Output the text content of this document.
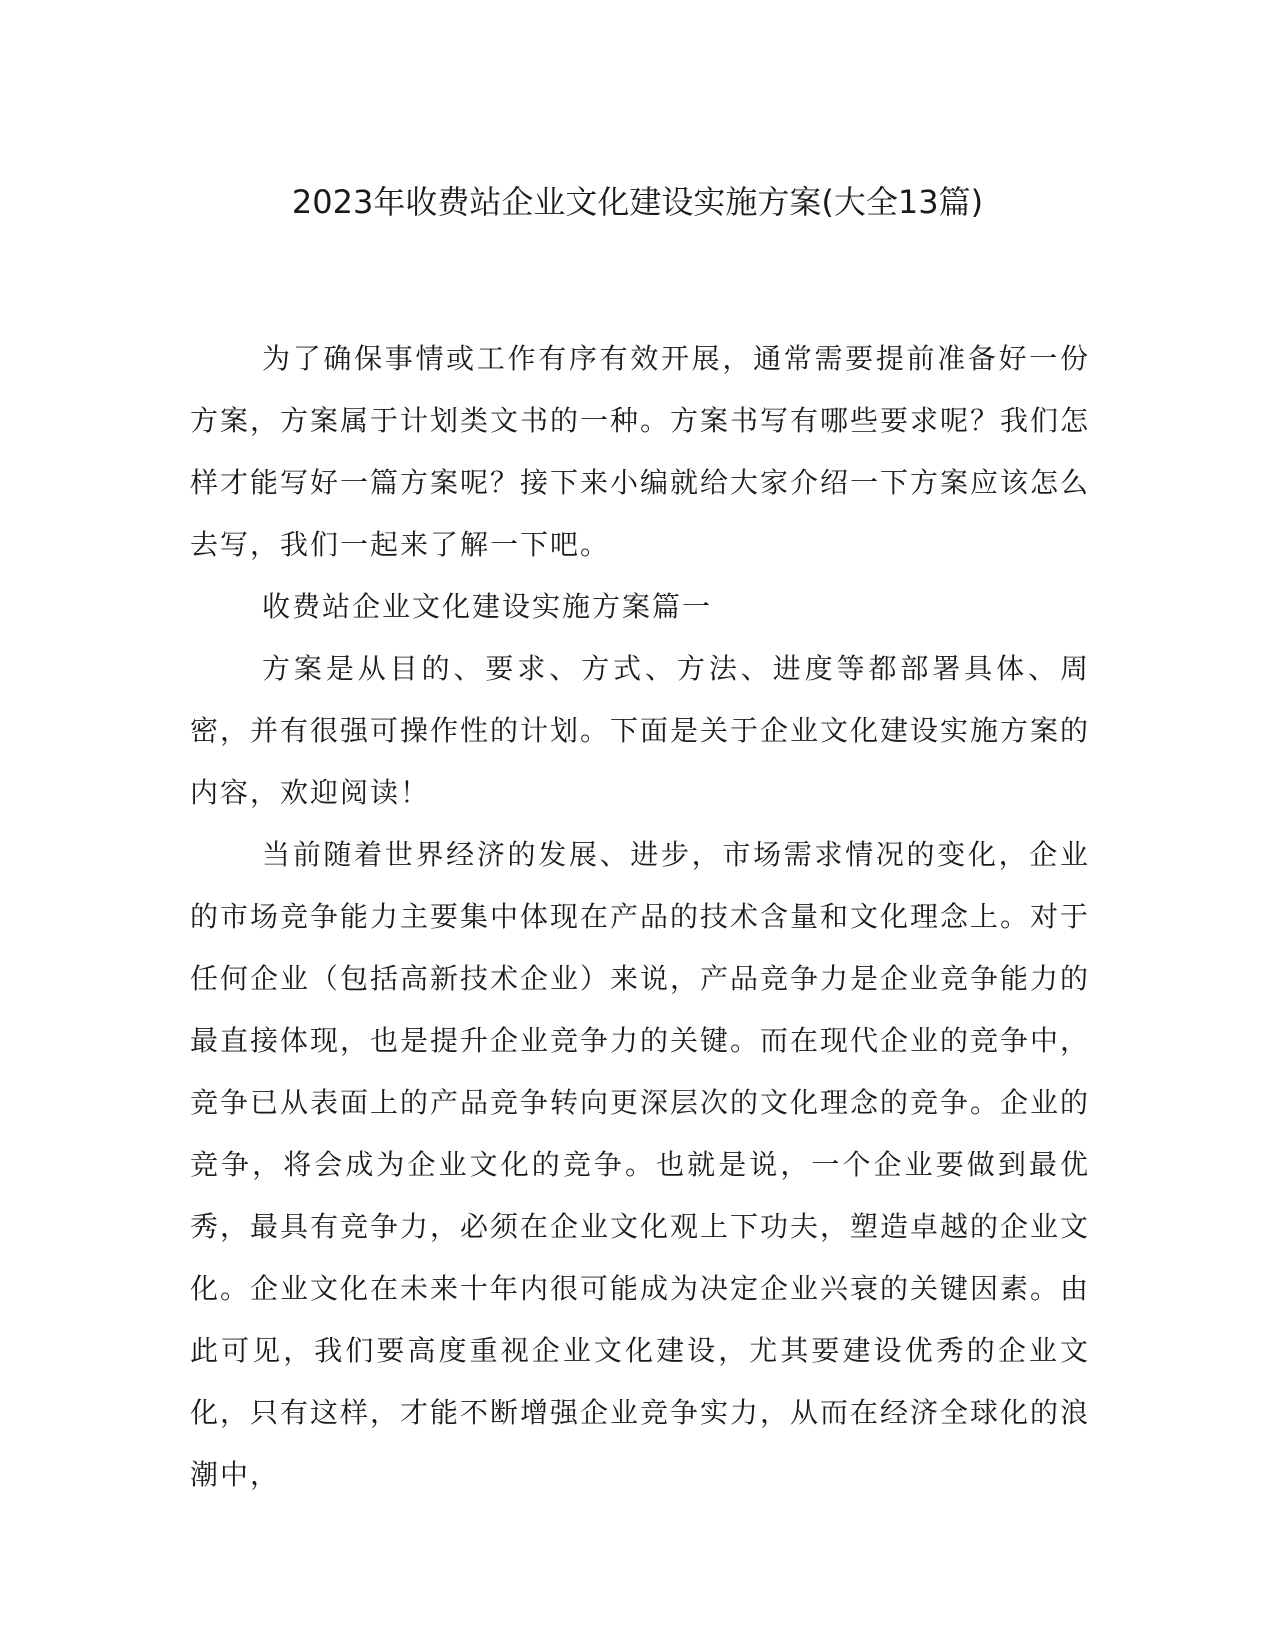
2023年收费站企业文化建设实施方案(大全13篇)

为了确保事情或工作有序有效开展，通常需要提前准备好一份方案，方案属于计划类文书的一种。方案书写有哪些要求呢？我们怎样才能写好一篇方案呢？接下来小编就给大家介绍一下方案应该怎么去写，我们一起来了解一下吧。

收费站企业文化建设实施方案篇一

方案是从目的、要求、方式、方法、进度等都部署具体、周密，并有很强可操作性的计划。下面是关于企业文化建设实施方案的内容，欢迎阅读！

当前随着世界经济的发展、进步，市场需求情况的变化，企业的市场竞争能力主要集中体现在产品的技术含量和文化理念上。对于任何企业（包括高新技术企业）来说，产品竞争力是企业竞争能力的最直接体现，也是提升企业竞争力的关键。而在现代企业的竞争中，竞争已从表面上的产品竞争转向更深层次的文化理念的竞争。企业的竞争，将会成为企业文化的竞争。也就是说，一个企业要做到最优秀，最具有竞争力，必须在企业文化观上下功夫，塑造卓越的企业文化。企业文化在未来十年内很可能成为决定企业兴衰的关键因素。由此可见，我们要高度重视企业文化建设，尤其要建设优秀的企业文化，只有这样，才能不断增强企业竞争实力，从而在经济全球化的浪潮中，
